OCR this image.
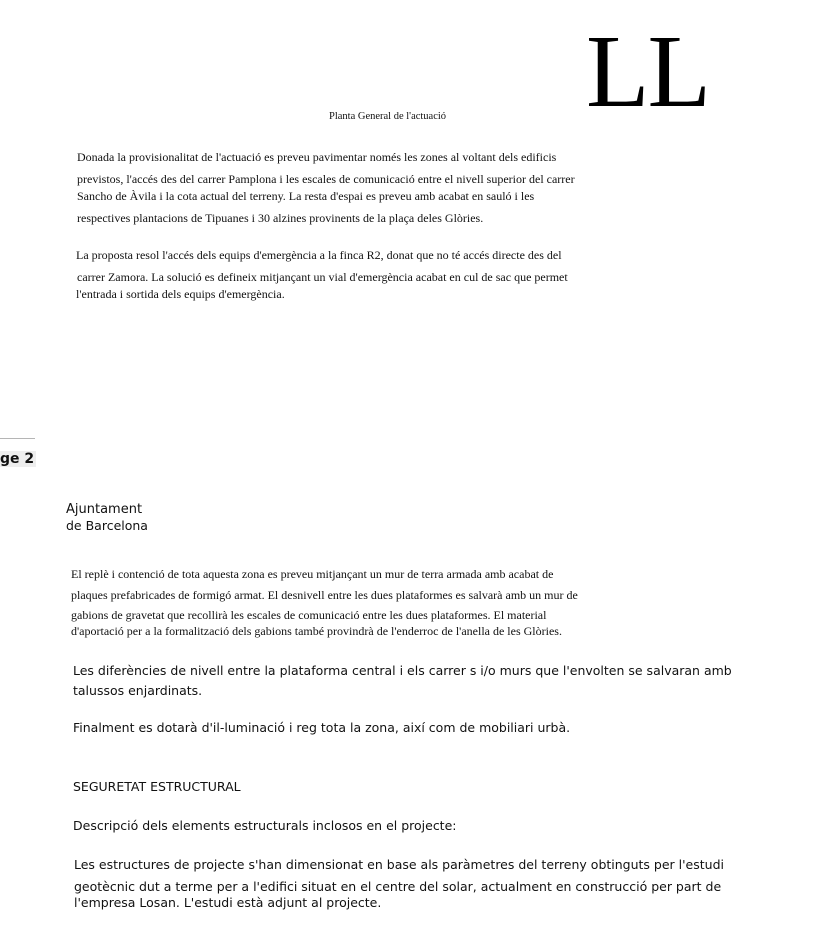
LL
Planta General de l'actuació
Donada la provisionalitat de l'actuació es preveu pavimentar només les zones al voltant dels edificis
previstos, l'accés des del carrer Pamplona i les escales de comunicació entre el nivell superior del carrer
Sancho de Àvila i la cota actual del terreny. La resta d'espai es preveu amb acabat en sauló i les
respectives plantacions de Tipuanes i 30 alzines provinents de la plaça deles Glòries.
La proposta resol l'accés dels equips d'emergència a la finca R2, donat que no té accés directe des del
carrer Zamora. La solució es defineix mitjançant un vial d'emergència acabat en cul de sac que permet
l'entrada i sortida dels equips d'emergència.
ge 2
Ajuntament
de Barcelona
El replè i contenció de tota aquesta zona es preveu mitjançant un mur de terra armada amb acabat de
plaques prefabricades de formigó armat. El desnivell entre les dues plataformes es salvarà amb un mur de
gabions de gravetat que recollirà les escales de comunicació entre les dues plataformes. El material
d'aportació per a la formalització dels gabions també provindrà de l'enderroc de l'anella de les Glòries.
Les diferències de nivell entre la plataforma central i els carrer s i/o murs que l'envolten se salvaran amb
talussos enjardinats.
Finalment es dotarà d'il-luminació i reg tota la zona, així com de mobiliari urbà.
SEGURETAT ESTRUCTURAL
Descripció dels elements estructurals inclosos en el projecte:
Les estructures de projecte s'han dimensionat en base als paràmetres del terreny obtinguts per l'estudi
geotècnic dut a terme per a l'edifici situat en el centre del solar, actualment en construcció per part de
l'empresa Losan. L'estudi està adjunt al projecte.
